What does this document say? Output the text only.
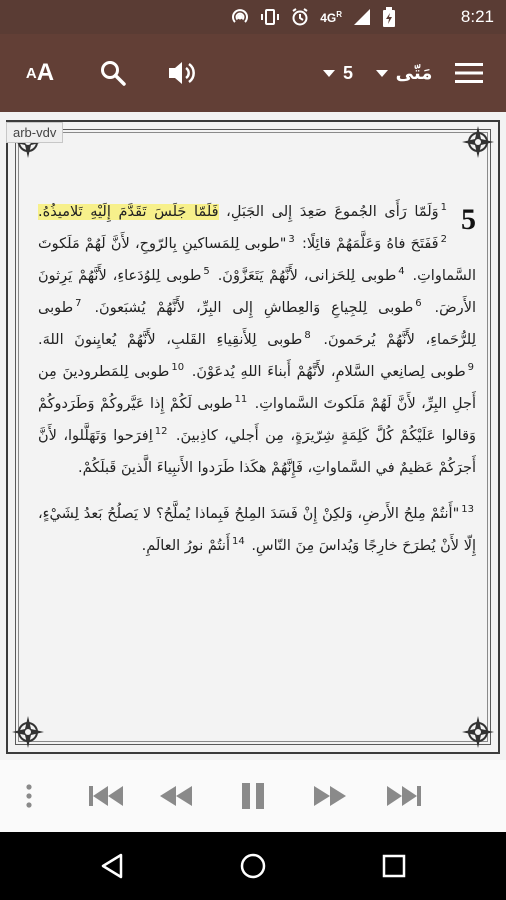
$4G^R$	8:21
A A	5 مَتّى
arb-vdv
5
$^1$وَلَمّا رَأَى الجُموعَ صَعِدَ إِلى الجَبَلِ، فَلَمّا جَلَسَ تَقَدَّمَ إِلَيْهِ تَلاميذُهُ. $^2$فَفَتَحَ فاهُ وَعَلَّمَهُمْ قائِلًا: $^3$"طوبى لِلمَساكينِ بِالرّوحِ، لأَنَّ لَهُمْ مَلَكوتَ السَّماواتِ. $^4$طوبى لِلحَزانى، لأَنَّهُمْ يَتَعَزَّوْنَ. $^5$طوبى لِلوُدَعاءِ، لأَنَّهُمْ يَرِثونَ الأَرضَ. $^6$طوبى لِلجِياعِ وَالعِطاشِ إِلى البِرِّ، لأَنَّهُمْ يُشبَعونَ. $^7$طوبى لِلرُّحَماءِ، لأَنَّهُمْ يُرحَمونَ. $^8$طوبى لِلأَنقِياءِ القَلبِ، لأَنَّهُمْ يُعايِنونَ اللهَ. $^9$طوبى لِصانِعي السَّلامِ، لأَنَّهُمْ أَبناءَ اللهِ يُدعَوْنَ. $^{10}$طوبى لِلمَطرودينَ مِن أَجلِ البِرِّ، لأَنَّ لَهُمْ مَلَكوتَ السَّماواتِ. $^{11}$طوبى لَكُمْ إِذا عَيَّروكُمْ وَطَرَدوكُمْ وَقالوا عَلَيْكُمْ كُلَّ كَلِمَةٍ شِرّيرَةٍ، مِن أَجلي، كاذِبينَ. $^{12}$اِفرَحوا وَتَهَلَّلوا، لأَنَّ أَجرَكُمْ عَظيمٌ في السَّماواتِ، فَإِنَّهُمْ هكَذا طَرَدوا الأَنبِياءَ الَّذينَ قَبلَكُمْ.
$^{13}$"أَنتُمْ مِلحُ الأَرضِ، وَلكِنْ إِنْ فَسَدَ المِلحُ فَبِماذا يُملَّحُ؟ لا يَصلُحُ بَعدُ لِشَيْءٍ، إِلّا لأَنْ يُطرَحَ خارِجًا وَيُداسَ مِنَ النّاسِ. $^{14}$أَنتُمْ نورُ العالَمِ.
